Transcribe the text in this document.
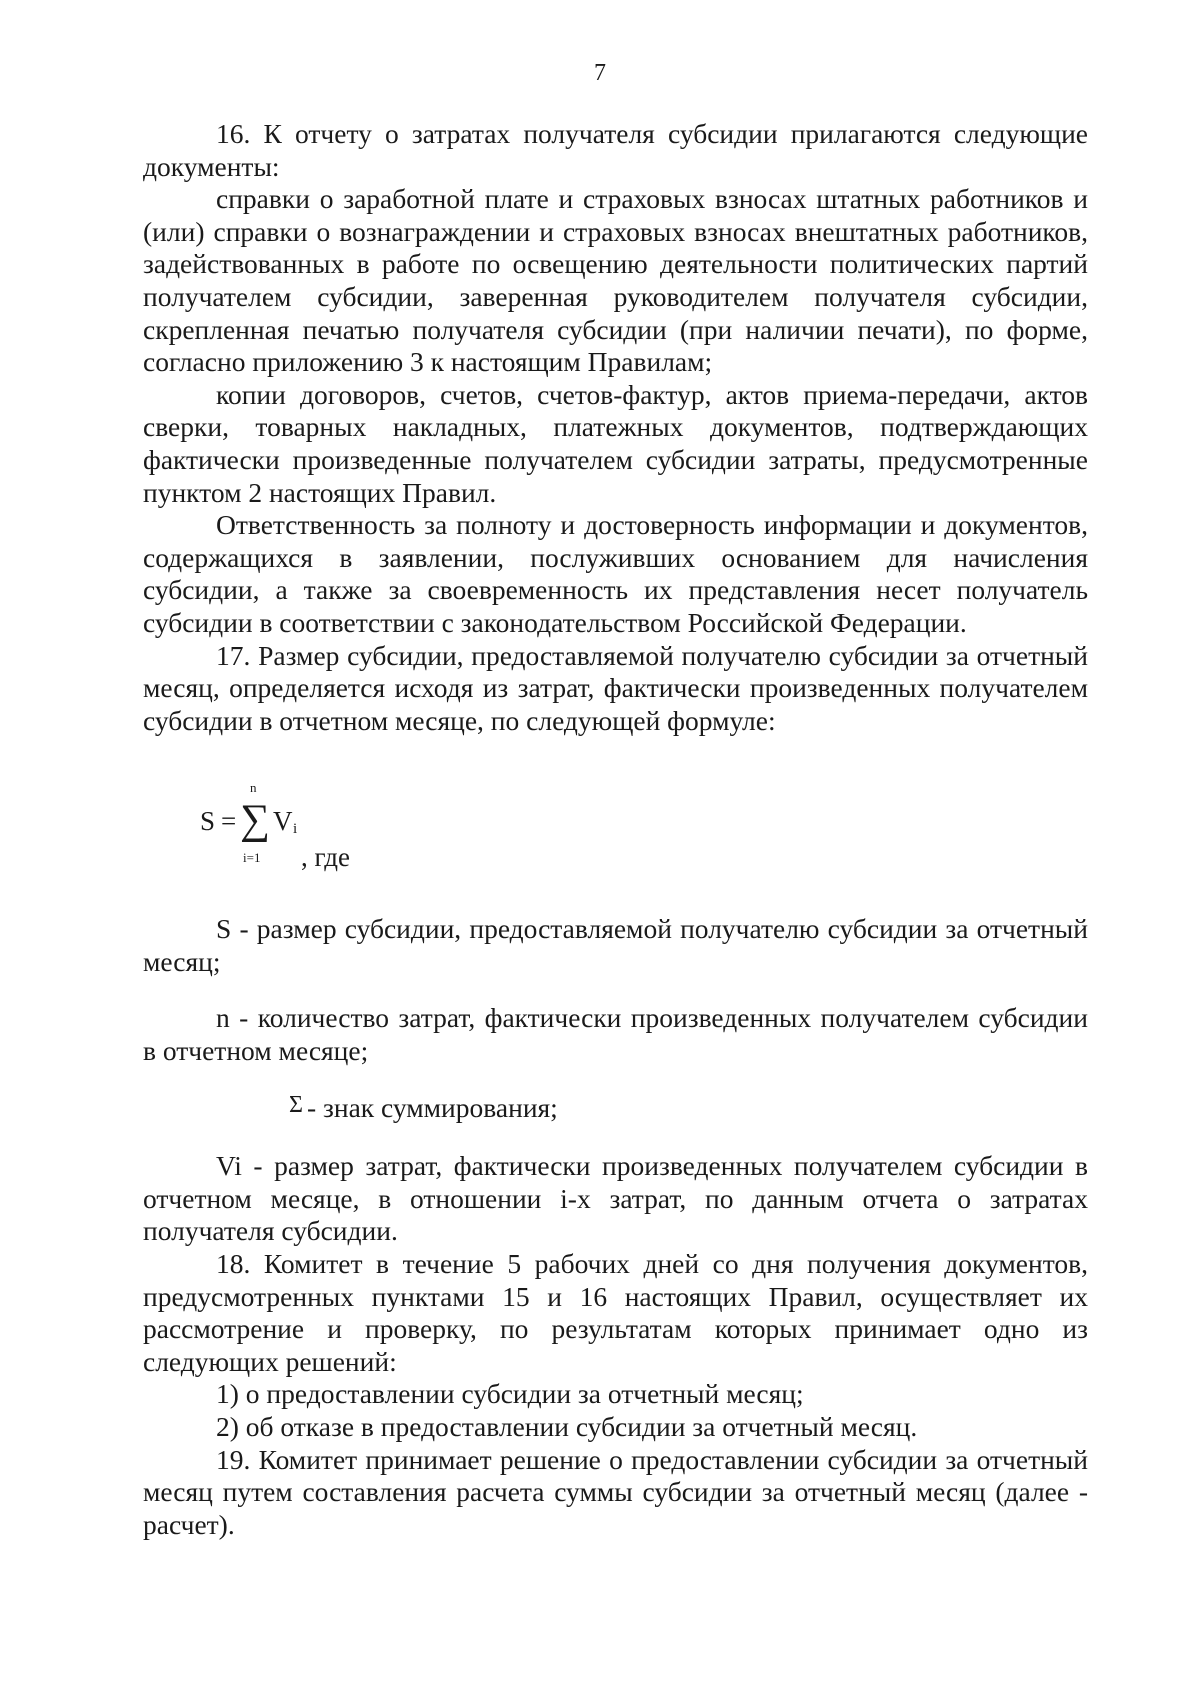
7

16. К отчету о затратах получателя субсидии прилагаются следующие документы:

справки о заработной плате и страховых взносах штатных работников и (или) справки о вознаграждении и страховых взносах внештатных работников, задействованных в работе по освещению деятельности политических партий получателем субсидии, заверенная руководителем получателя субсидии, скрепленная печатью получателя субсидии (при наличии печати), по форме, согласно приложению 3 к настоящим Правилам;

копии договоров, счетов, счетов-фактур, актов приема-передачи, актов сверки, товарных накладных, платежных документов, подтверждающих фактически произведенные получателем субсидии затраты, предусмотренные пунктом 2 настоящих Правил.

Ответственность за полноту и достоверность информации и документов, содержащихся в заявлении, послуживших основанием для начисления субсидии, а также за своевременность их представления несет получатель субсидии в соответствии с законодательством Российской Федерации.

17. Размер субсидии, предоставляемой получателю субсидии за отчетный месяц, определяется исходя из затрат, фактически произведенных получателем субсидии в отчетном месяце, по следующей формуле:

S =
n
∑
i=1
V i
, где

S - размер субсидии, предоставляемой получателю субсидии за отчетный месяц;

n - количество затрат, фактически произведенных получателем субсидии в отчетном месяце;

Σ - знак суммирования;

Vi - размер затрат, фактически произведенных получателем субсидии в отчетном месяце, в отношении i-x затрат, по данным отчета о затратах получателя субсидии.

18. Комитет в течение 5 рабочих дней со дня получения документов, предусмотренных пунктами 15 и 16 настоящих Правил, осуществляет их рассмотрение и проверку, по результатам которых принимает одно из следующих решений:

1) о предоставлении субсидии за отчетный месяц;

2) об отказе в предоставлении субсидии за отчетный месяц.

19. Комитет принимает решение о предоставлении субсидии за отчетный месяц путем составления расчета суммы субсидии за отчетный месяц (далее - расчет).
